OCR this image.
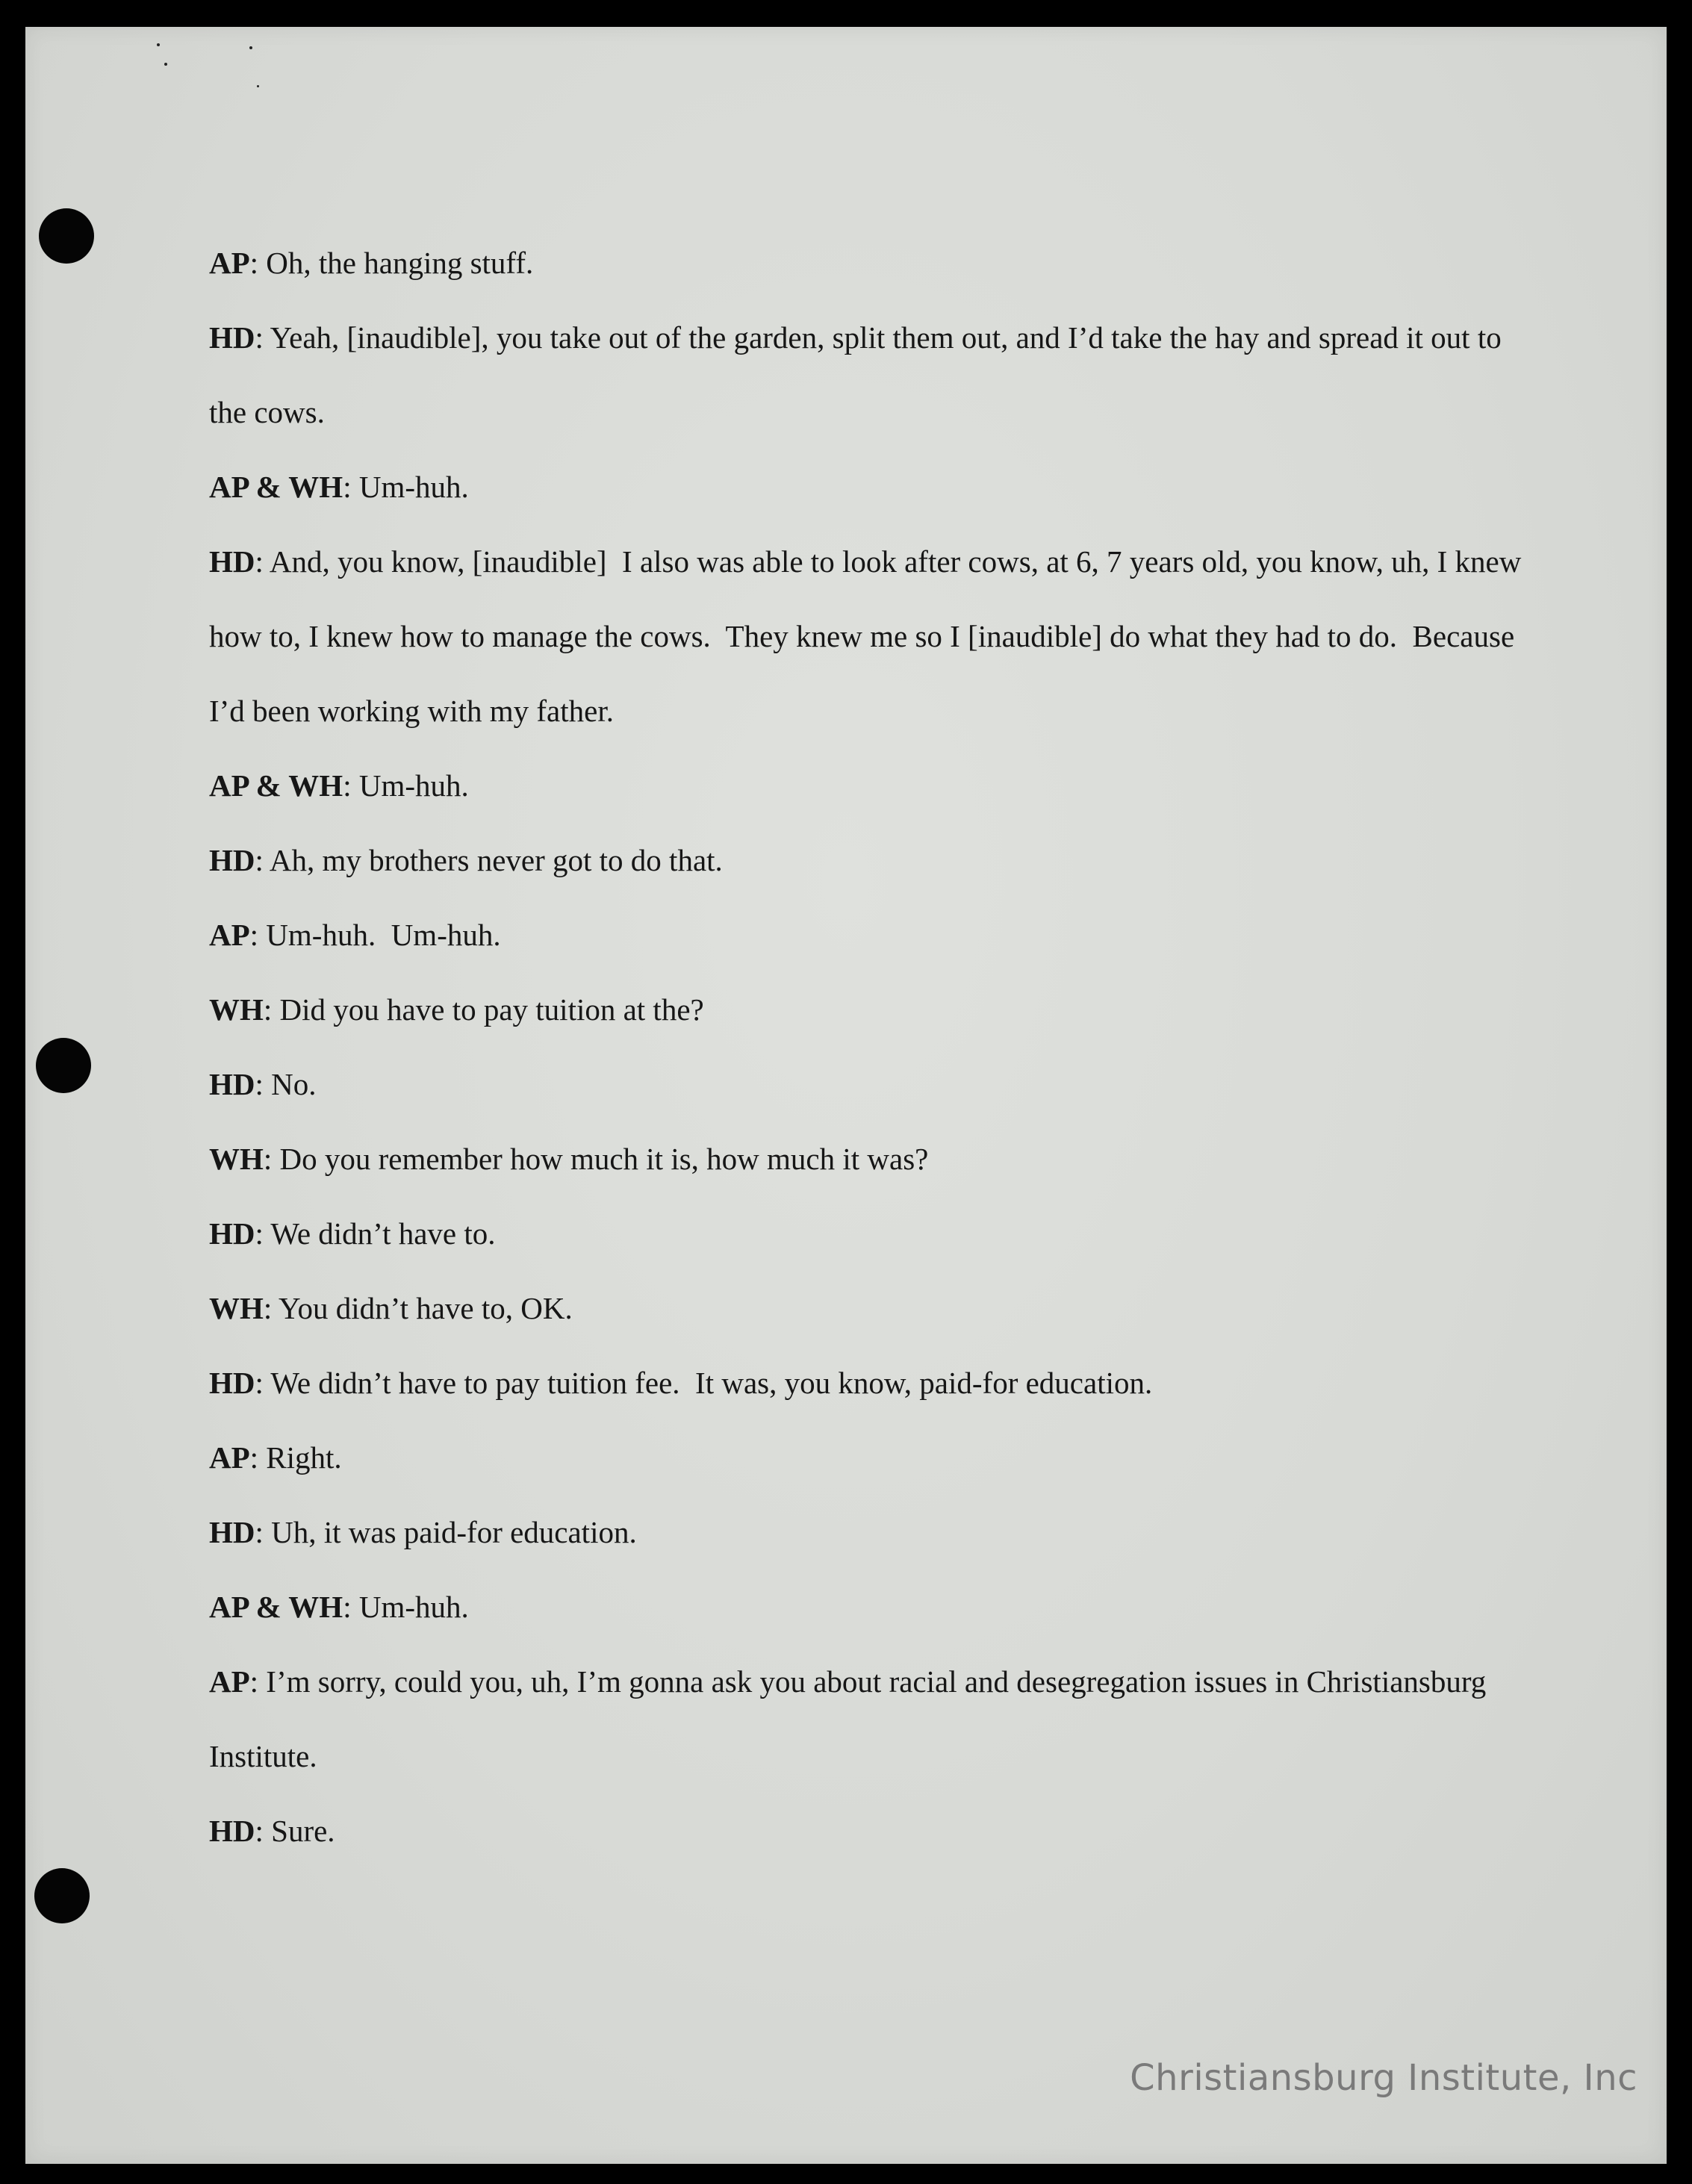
AP: Oh, the hanging stuff.
HD: Yeah, [inaudible], you take out of the garden, split them out, and I’d take the hay and spread it out to the cows.
AP & WH: Um-huh.
HD: And, you know, [inaudible]  I also was able to look after cows, at 6, 7 years old, you know, uh, I knew how to, I knew how to manage the cows.  They knew me so I [inaudible] do what they had to do.  Because I’d been working with my father.
AP & WH: Um-huh.
HD: Ah, my brothers never got to do that.
AP: Um-huh.  Um-huh.
WH: Did you have to pay tuition at the?
HD: No.
WH: Do you remember how much it is, how much it was?
HD: We didn’t have to.
WH: You didn’t have to, OK.
HD: We didn’t have to pay tuition fee.  It was, you know, paid-for education.
AP: Right.
HD: Uh, it was paid-for education.
AP & WH: Um-huh.
AP: I’m sorry, could you, uh, I’m gonna ask you about racial and desegregation issues in Christiansburg Institute.
HD: Sure.
Christiansburg Institute, Inc
